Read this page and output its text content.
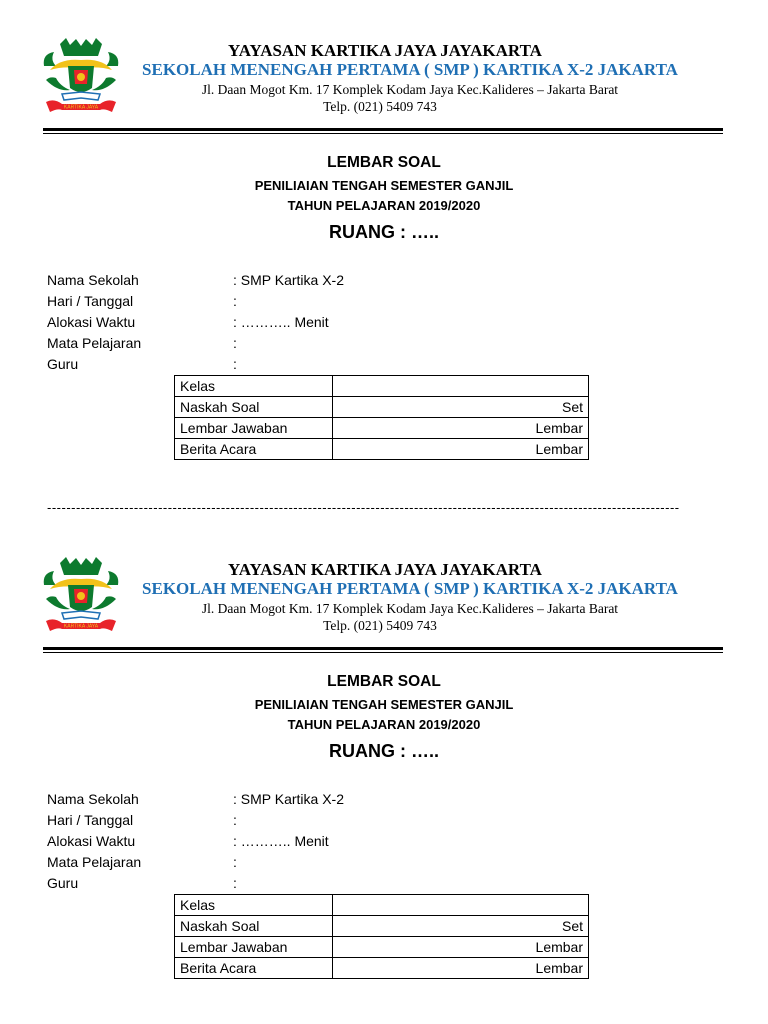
KARTIKA JAYA
YAYASAN KARTIKA JAYA JAYAKARTA
SEKOLAH MENENGAH PERTAMA ( SMP ) KARTIKA X-2 JAKARTA
Jl. Daan Mogot Km. 17 Komplek Kodam Jaya Kec.Kalideres – Jakarta Barat
Telp. (021) 5409 743
LEMBAR SOAL
PENILIAIAN TENGAH SEMESTER GANJIL
TAHUN PELAJARAN 2019/2020
RUANG : …..
Nama Sekolah	: SMP Kartika X-2
Hari / Tanggal	:
Alokasi Waktu	: ……….. Menit
Mata Pelajaran	:
Guru	:
Kelas	
Naskah Soal	Set
Lembar Jawaban	Lembar
Berita Acara	Lembar
-----------------------------------------------------------------------------------------------------------------------------------
KARTIKA JAYA
YAYASAN KARTIKA JAYA JAYAKARTA
SEKOLAH MENENGAH PERTAMA ( SMP ) KARTIKA X-2 JAKARTA
Jl. Daan Mogot Km. 17 Komplek Kodam Jaya Kec.Kalideres – Jakarta Barat
Telp. (021) 5409 743
LEMBAR SOAL
PENILIAIAN TENGAH SEMESTER GANJIL
TAHUN PELAJARAN 2019/2020
RUANG : …..
Nama Sekolah	: SMP Kartika X-2
Hari / Tanggal	:
Alokasi Waktu	: ……….. Menit
Mata Pelajaran	:
Guru	:
Kelas	
Naskah Soal	Set
Lembar Jawaban	Lembar
Berita Acara	Lembar
